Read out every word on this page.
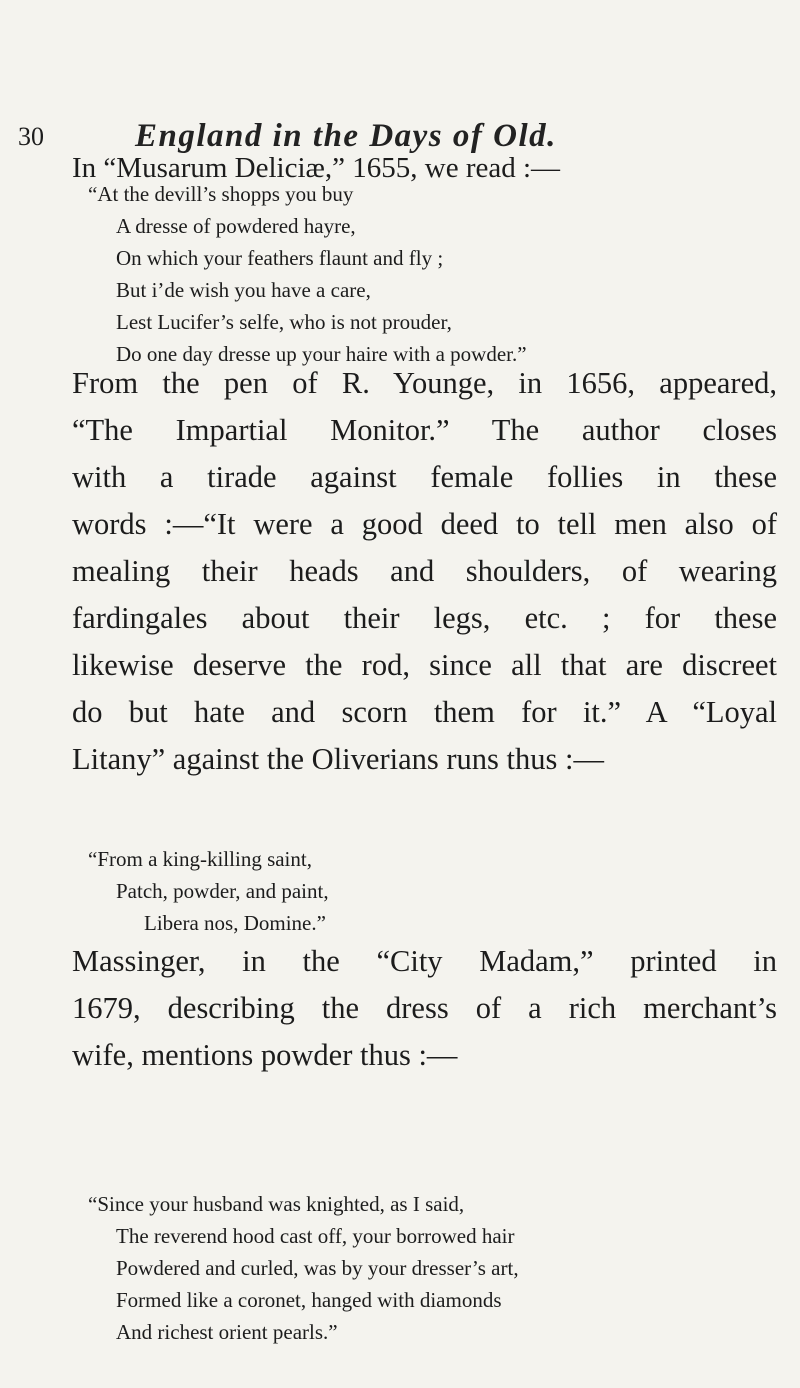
30	England in the Days of Old.
In “Musarum Deliciæ,” 1655, we read :—
“At the devill’s shopps you buy
A dresse of powdered hayre,
On which your feathers flaunt and fly ;
But i’de wish you have a care,
Lest Lucifer’s selfe, who is not prouder,
Do one day dresse up your haire with a powder.”
From the pen of R. Younge, in 1656, appeared,
“The Impartial Monitor.” The author closes
with a tirade against female follies in these
words :—“It were a good deed to tell men also of
mealing their heads and shoulders, of wearing
fardingales about their legs, etc. ; for these
likewise deserve the rod, since all that are discreet
do but hate and scorn them for it.” A “Loyal
Litany” against the Oliverians runs thus :—
“From a king-killing saint,
Patch, powder, and paint,
Libera nos, Domine.”
Massinger, in the “City Madam,” printed in
1679, describing the dress of a rich merchant’s
wife, mentions powder thus :—
“Since your husband was knighted, as I said,
The reverend hood cast off, your borrowed hair
Powdered and curled, was by your dresser’s art,
Formed like a coronet, hanged with diamonds
And richest orient pearls.”
